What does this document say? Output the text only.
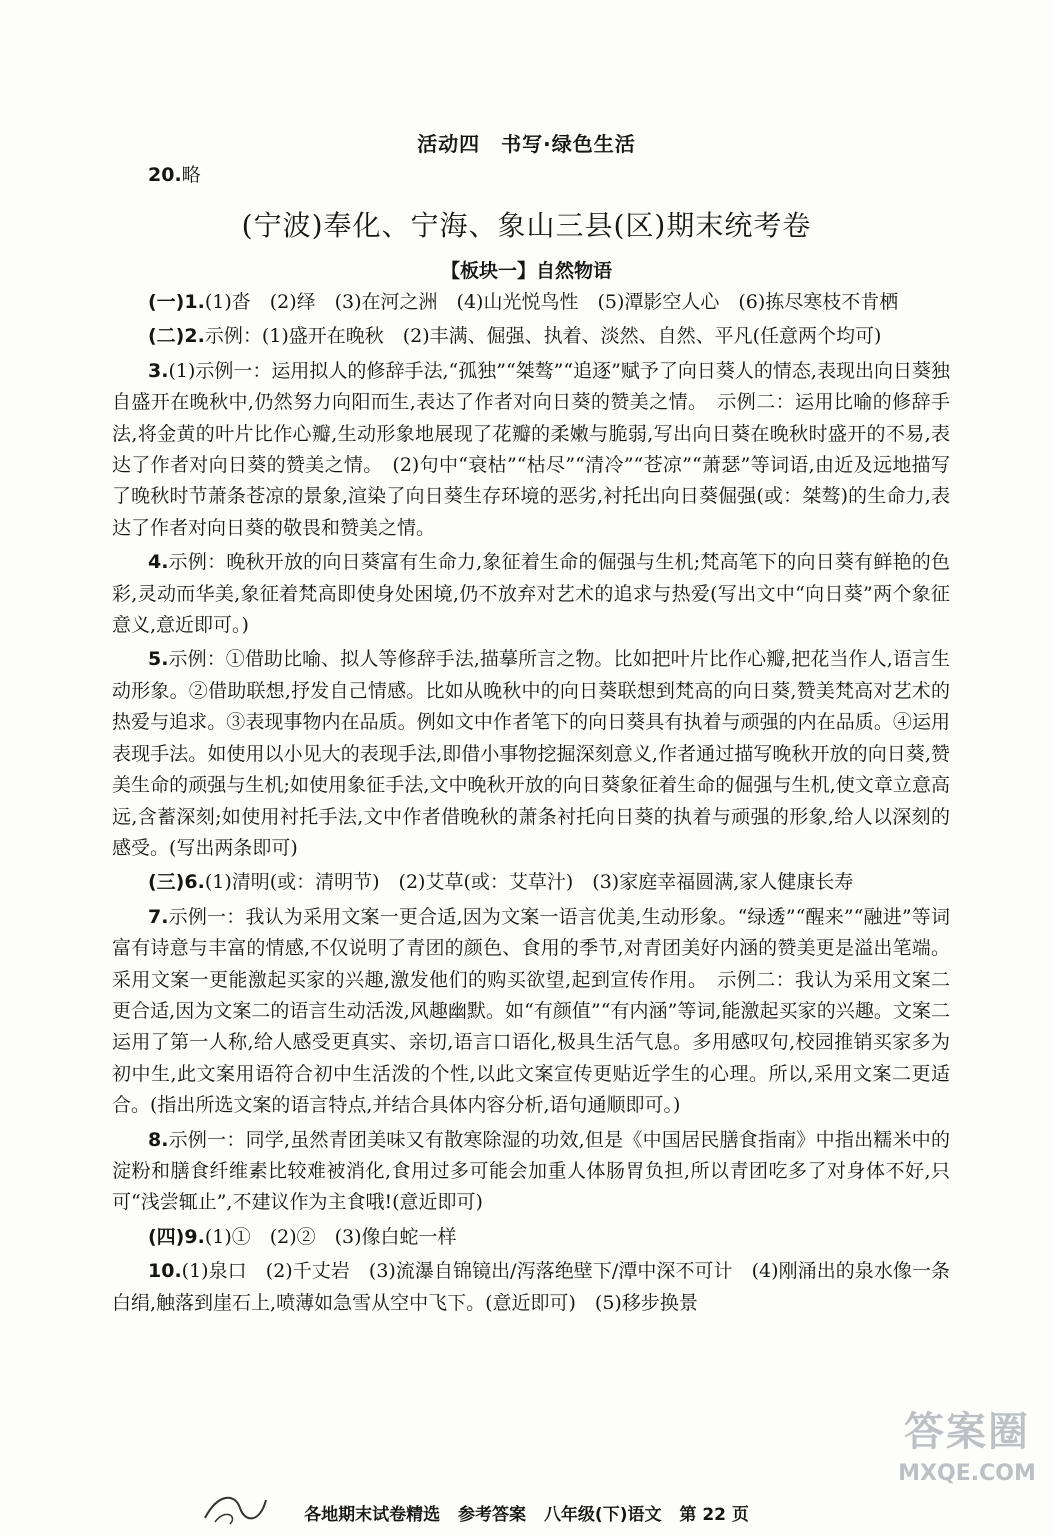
活动四　书写·绿色生活
20.略
(宁波)奉化、宁海、象山三县(区)期末统考卷
【板块一】自然物语

(一)1.(1)沓　(2)绎　(3)在河之洲　(4)山光悦鸟性　(5)潭影空人心　(6)拣尽寒枝不肯栖

(二)2.示例：(1)盛开在晚秋　(2)丰满、倔强、执着、淡然、自然、平凡(任意两个均可)

3.(1)示例一：运用拟人的修辞手法,“孤独”“桀骜”“追逐”赋予了向日葵人的情态,表现出向日葵独自盛开在晚秋中,仍然努力向阳而生,表达了作者对向日葵的赞美之情。　示例二：运用比喻的修辞手法,将金黄的叶片比作心瓣,生动形象地展现了花瓣的柔嫩与脆弱,写出向日葵在晚秋时盛开的不易,表达了作者对向日葵的赞美之情。　(2)句中“衰枯”“枯尽”“清冷”“苍凉”“萧瑟”等词语,由近及远地描写了晚秋时节萧条苍凉的景象,渲染了向日葵生存环境的恶劣,衬托出向日葵倔强(或：桀骜)的生命力,表达了作者对向日葵的敬畏和赞美之情。

4.示例：晚秋开放的向日葵富有生命力,象征着生命的倔强与生机;梵高笔下的向日葵有鲜艳的色彩,灵动而华美,象征着梵高即使身处困境,仍不放弃对艺术的追求与热爱(写出文中“向日葵”两个象征意义,意近即可。)

5.示例：①借助比喻、拟人等修辞手法,描摹所言之物。比如把叶片比作心瓣,把花当作人,语言生动形象。②借助联想,抒发自己情感。比如从晚秋中的向日葵联想到梵高的向日葵,赞美梵高对艺术的热爱与追求。③表现事物内在品质。例如文中作者笔下的向日葵具有执着与顽强的内在品质。④运用表现手法。如使用以小见大的表现手法,即借小事物挖掘深刻意义,作者通过描写晚秋开放的向日葵,赞美生命的顽强与生机;如使用象征手法,文中晚秋开放的向日葵象征着生命的倔强与生机,使文章立意高远,含蓄深刻;如使用衬托手法,文中作者借晚秋的萧条衬托向日葵的执着与顽强的形象,给人以深刻的感受。(写出两条即可)

(三)6.(1)清明(或：清明节)　(2)艾草(或：艾草汁)　(3)家庭幸福圆满,家人健康长寿

7.示例一：我认为采用文案一更合适,因为文案一语言优美,生动形象。“绿透”“醒来”“融进”等词富有诗意与丰富的情感,不仅说明了青团的颜色、食用的季节,对青团美好内涵的赞美更是溢出笔端。采用文案一更能激起买家的兴趣,激发他们的购买欲望,起到宣传作用。　示例二：我认为采用文案二更合适,因为文案二的语言生动活泼,风趣幽默。如“有颜值”“有内涵”等词,能激起买家的兴趣。文案二运用了第一人称,给人感受更真实、亲切,语言口语化,极具生活气息。多用感叹句,校园推销买家多为初中生,此文案用语符合初中生活泼的个性,以此文案宣传更贴近学生的心理。所以,采用文案二更适合。(指出所选文案的语言特点,并结合具体内容分析,语句通顺即可。)

8.示例一：同学,虽然青团美味又有散寒除湿的功效,但是《中国居民膳食指南》中指出糯米中的淀粉和膳食纤维素比较难被消化,食用过多可能会加重人体肠胃负担,所以青团吃多了对身体不好,只可“浅尝辄止”,不建议作为主食哦!(意近即可)

(四)9.(1)①　(2)②　(3)像白蛇一样

10.(1)泉口　(2)千丈岩　(3)流瀑自锦镜出/泻落绝壁下/潭中深不可计　(4)刚涌出的泉水像一条白绢,触落到崖石上,喷薄如急雪从空中飞下。(意近即可)　(5)移步换景

各地期末试卷精选 参考答案 八年级(下)语文 第 22 页
答案圈
MXQE.COM
